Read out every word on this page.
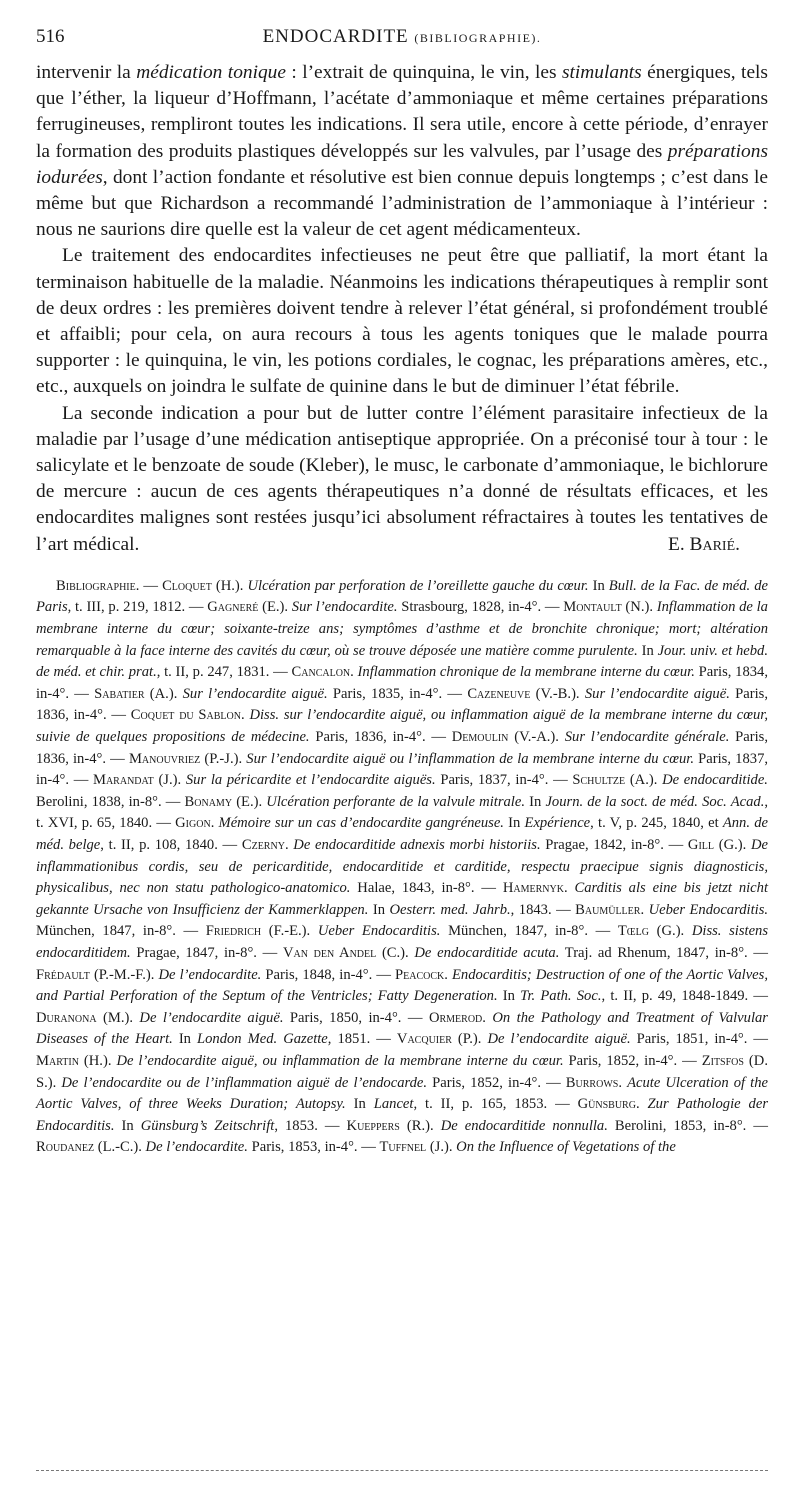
516	ENDOCARDITE (BIBLIOGRAPHIE).

intervenir la médication tonique : l’extrait de quinquina, le vin, les stimulants énergiques, tels que l’éther, la liqueur d’Hoffmann, l’acétate d’ammoniaque et même certaines préparations ferrugineuses, rempliront toutes les indications. Il sera utile, encore à cette période, d’enrayer la formation des produits plastiques développés sur les valvules, par l’usage des préparations iodurées, dont l’action fondante et résolutive est bien connue depuis longtemps ; c’est dans le même but que Richardson a recommandé l’administration de l’ammoniaque à l’intérieur : nous ne saurions dire quelle est la valeur de cet agent médicamenteux.

Le traitement des endocardites infectieuses ne peut être que palliatif, la mort étant la terminaison habituelle de la maladie. Néanmoins les indications thérapeutiques à remplir sont de deux ordres : les premières doivent tendre à relever l’état général, si profondément troublé et affaibli; pour cela, on aura recours à tous les agents toniques que le malade pourra supporter : le quinquina, le vin, les potions cordiales, le cognac, les préparations amères, etc., etc., auxquels on joindra le sulfate de quinine dans le but de diminuer l’état fébrile.

La seconde indication a pour but de lutter contre l’élément parasitaire infectieux de la maladie par l’usage d’une médication antiseptique appropriée. On a préconisé tour à tour : le salicylate et le benzoate de soude (Kleber), le musc, le carbonate d’ammoniaque, le bichlorure de mercure : aucun de ces agents thérapeutiques n’a donné de résultats efficaces, et les endocardites malignes sont restées jusqu’ici absolument réfractaires à toutes les tentatives de l’art médical.	E. Barié.

Bibliographie. — Cloquet (H.). Ulcération par perforation de l’oreillette gauche du cœur. In Bull. de la Fac. de méd. de Paris, t. III, p. 219, 1812. — Gagneré (E.). Sur l’endocardite. Strasbourg, 1828, in-4°. — Montault (N.). Inflammation de la membrane interne du cœur; soixante-treize ans; symptômes d’asthme et de bronchite chronique; mort; altération remarquable à la face interne des cavités du cœur, où se trouve déposée une matière comme purulente. In Jour. univ. et hebd. de méd. et chir. prat., t. II, p. 247, 1831. — Cancalon. Inflammation chronique de la membrane interne du cœur. Paris, 1834, in-4°. — Sabatier (A.). Sur l’endocardite aiguë. Paris, 1835, in-4°. — Cazeneuve (V.-B.). Sur l’endocardite aiguë. Paris, 1836, in-4°. — Coquet du Sablon. Diss. sur l’endocardite aiguë, ou inflammation aiguë de la membrane interne du cœur, suivie de quelques propositions de médecine. Paris, 1836, in-4°. — Demoulin (V.-A.). Sur l’endocardite générale. Paris, 1836, in-4°. — Manouvriez (P.-J.). Sur l’endocardite aiguë ou l’inflammation de la membrane interne du cœur. Paris, 1837, in-4°. — Marandat (J.). Sur la péricardite et l’endocardite aiguës. Paris, 1837, in-4°. — Schultze (A.). De endocarditide. Berolini, 1838, in-8°. — Bonamy (E.). Ulcération perforante de la valvule mitrale. In Journ. de la soct. de méd. Soc. Acad., t. XVI, p. 65, 1840. — Gigon. Mémoire sur un cas d’endocardite gangréneuse. In Expérience, t. V, p. 245, 1840, et Ann. de méd. belge, t. II, p. 108, 1840. — Czerny. De endocarditide adnexis morbi historiis. Pragae, 1842, in-8°. — Gill (G.). De inflammationibus cordis, seu de pericarditide, endocarditide et carditide, respectu praecipue signis diagnosticis, physicalibus, nec non statu pathologico-anatomico. Halae, 1843, in-8°. — Hamernyk. Carditis als eine bis jetzt nicht gekannte Ursache von Insufficienz der Kammerklappen. In Oesterr. med. Jahrb., 1843. — Baumüller. Ueber Endocarditis. München, 1847, in-8°. — Friedrich (F.-E.). Ueber Endocarditis. München, 1847, in-8°. — Tœlg (G.). Diss. sistens endocarditidem. Pragae, 1847, in-8°. — Van den Andel (C.). De endocarditide acuta. Traj. ad Rhenum, 1847, in-8°. — Frédault (P.-M.-F.). De l’endocardite. Paris, 1848, in-4°. — Peacock. Endocarditis; Destruction of one of the Aortic Valves, and Partial Perforation of the Septum of the Ventricles; Fatty Degeneration. In Tr. Path. Soc., t. II, p. 49, 1848-1849. — Duranona (M.). De l’endocardite aiguë. Paris, 1850, in-4°. — Ormerod. On the Pathology and Treatment of Valvular Diseases of the Heart. In London Med. Gazette, 1851. — Vacquier (P.). De l’endocardite aiguë. Paris, 1851, in-4°. — Martin (H.). De l’endocardite aiguë, ou inflammation de la membrane interne du cœur. Paris, 1852, in-4°. — Zitsfos (D. S.). De l’endocardite ou de l’inflammation aiguë de l’endocarde. Paris, 1852, in-4°. — Burrows. Acute Ulceration of the Aortic Valves, of three Weeks Duration; Autopsy. In Lancet, t. II, p. 165, 1853. — Günsburg. Zur Pathologie der Endocarditis. In Günsburg’s Zeitschrift, 1853. — Kueppers (R.). De endocarditide nonnulla. Berolini, 1853, in-8°. — Roudanez (L.-C.). De l’endocardite. Paris, 1853, in-4°. — Tuffnel (J.). On the Influence of Vegetations of the
